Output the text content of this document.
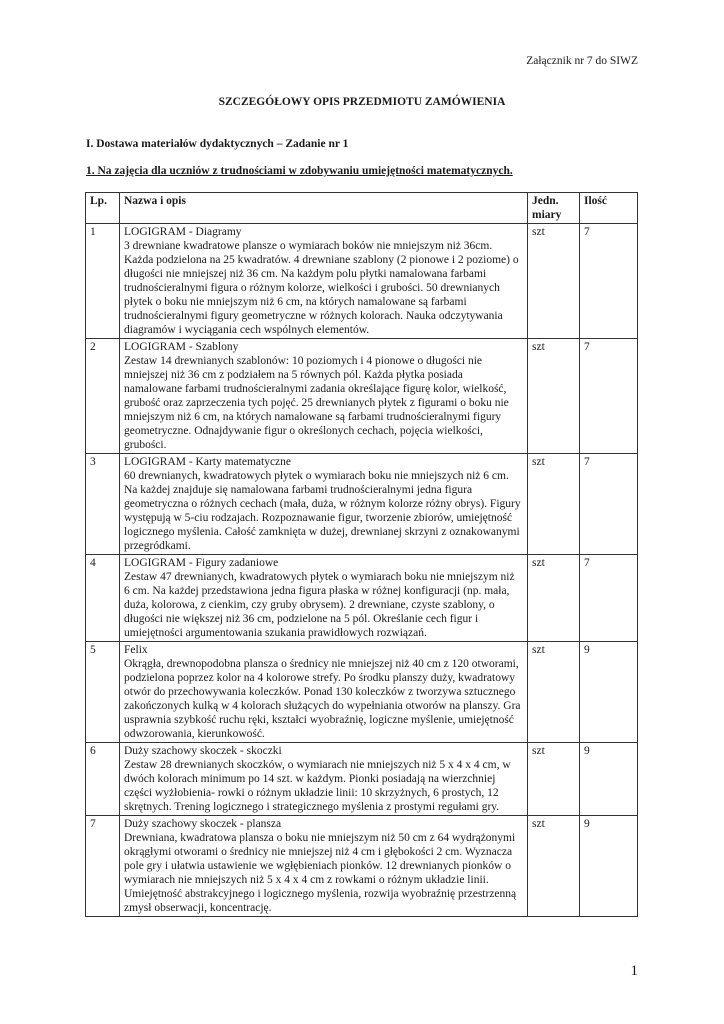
Załącznik nr 7 do SIWZ
SZCZEGÓŁOWY OPIS PRZEDMIOTU ZAMÓWIENIA
I. Dostawa materiałów dydaktycznych – Zadanie nr 1
1. Na zajęcia dla uczniów z trudnościami w zdobywaniu umiejętności matematycznych.
Lp.	Nazwa i opis	Jedn. miary	Ilość
1	LOGIGRAM - Diagramy
3 drewniane kwadratowe plansze o wymiarach boków nie mniejszym niż 36cm. Każda podzielona na 25 kwadratów. 4 drewniane szablony (2 pionowe i 2 poziome) o długości nie mniejszej niż 36 cm. Na każdym polu płytki namalowana farbami trudnościeralnymi figura o różnym kolorze, wielkości i grubości. 50 drewnianych płytek o boku nie mniejszym niż 6 cm, na których namalowane są farbami trudnościeralnymi figury geometryczne w różnych kolorach. Nauka odczytywania diagramów i wyciągania cech wspólnych elementów.	szt	7
2	LOGIGRAM - Szablony
Zestaw 14 drewnianych szablonów: 10 poziomych i 4 pionowe o długości nie mniejszej niż 36 cm z podziałem na 5 równych pól. Każda płytka posiada namalowane farbami trudnościeralnymi zadania określające figurę kolor, wielkość, grubość oraz zaprzeczenia tych pojęć. 25 drewnianych płytek z figurami o boku nie mniejszym niż 6 cm, na których namalowane są farbami trudnościeralnymi figury geometryczne. Odnajdywanie figur o określonych cechach, pojęcia wielkości, grubości.	szt	7
3	LOGIGRAM - Karty matematyczne
60 drewnianych, kwadratowych płytek o wymiarach boku nie mniejszych niż 6 cm. Na każdej znajduje się namalowana farbami trudnościeralnymi jedna figura geometryczna o różnych cechach (mała, duża, w różnym kolorze różny obrys). Figury występują w 5-ciu rodzajach. Rozpoznawanie figur, tworzenie zbiorów, umiejętność logicznego myślenia. Całość zamknięta w dużej, drewnianej skrzyni z oznakowanymi przegródkami.	szt	7
4	LOGIGRAM - Figury zadaniowe
Zestaw 47 drewnianych, kwadratowych płytek o wymiarach boku nie mniejszym niż 6 cm. Na każdej przedstawiona jedna figura płaska w różnej konfiguracji (np. mała, duża, kolorowa, z cienkim, czy gruby obrysem). 2 drewniane, czyste szablony, o długości nie większej niż 36 cm, podzielone na 5 pól. Określanie cech figur i umiejętności argumentowania szukania prawidłowych rozwiązań.	szt	7
5	Felix
Okrągła, drewnopodobna plansza o średnicy nie mniejszej niż 40 cm z 120 otworami, podzielona poprzez kolor na 4 kolorowe strefy. Po środku planszy duży, kwadratowy otwór do przechowywania koleczków. Ponad 130 koleczków z tworzywa sztucznego zakończonych kulką w 4 kolorach służących do wypełniania otworów na planszy. Gra usprawnia szybkość ruchu ręki, kształci wyobraźnię, logiczne myślenie, umiejętność odwzorowania, kierunkowość.	szt	9
6	Duży szachowy skoczek - skoczki
Zestaw 28 drewnianych skoczków, o wymiarach nie mniejszych niż 5 x 4 x 4 cm, w dwóch kolorach minimum po 14 szt. w każdym. Pionki posiadają na wierzchniej części wyżłobienia- rowki o różnym układzie linii: 10 skrzyżnych, 6 prostych, 12 skrętnych. Trening logicznego i strategicznego myślenia z prostymi regułami gry.	szt	9
7	Duży szachowy skoczek - plansza
Drewniana, kwadratowa plansza o boku nie mniejszym niż 50 cm z 64 wydrążonymi okrągłymi otworami o średnicy nie mniejszej niż 4 cm i głębokości 2 cm. Wyznacza pole gry i ułatwia ustawienie we wgłębieniach pionków. 12 drewnianych pionków o wymiarach nie mniejszych niż 5 x 4 x 4 cm z rowkami o różnym układzie linii. Umiejętność abstrakcyjnego i logicznego myślenia, rozwija wyobraźnię przestrzenną zmysł obserwacji, koncentrację.	szt	9
1
